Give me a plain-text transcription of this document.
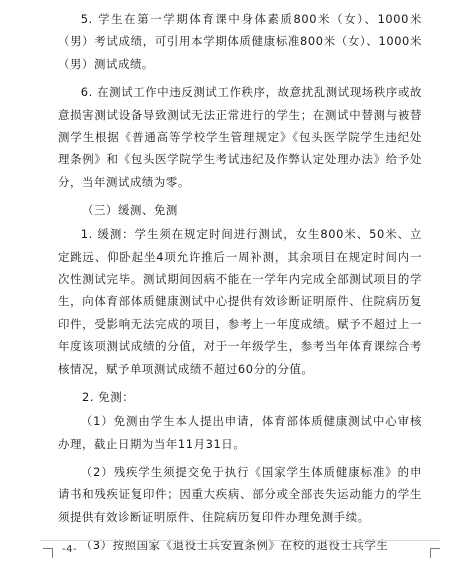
5. 学生在第一学期体育课中身体素质800米（女）、1000米（男）考试成绩，可引用本学期体质健康标准800米（女）、1000米（男）测试成绩。

6. 在测试工作中违反测试工作秩序，故意扰乱测试现场秩序或故意损害测试设备导致测试无法正常进行的学生；在测试中替测与被替测学生根据《普通高等学校学生管理规定》《包头医学院学生违纪处理条例》和《包头医学院学生考试违纪及作弊认定处理办法》给予处分，当年测试成绩为零。

（三）缓测、免测

1. 缓测：学生须在规定时间进行测试，女生800米、50米、立定跳远、仰卧起坐4项允许推后一周补测，其余项目在规定时间内一次性测试完毕。测试期间因病不能在一学年内完成全部测试项目的学生，向体育部体质健康测试中心提供有效诊断证明原件、住院病历复印件，受影响无法完成的项目，参考上一年度成绩。赋予不超过上一年度该项测试成绩的分值，对于一年级学生，参考当年体育课综合考核情况，赋予单项测试成绩不超过60分的分值。

2. 免测：

（1）免测由学生本人提出申请，体育部体质健康测试中心审核办理，截止日期为当年11月31日。

（2）残疾学生须提交免于执行《国家学生体质健康标准》的申请书和残疾证复印件；因重大疾病、部分或全部丧失运动能力的学生须提供有效诊断证明原件、住院病历复印件办理免测手续。

（3）按照国家《退役士兵安置条例》在校的退役士兵学生

-4-
